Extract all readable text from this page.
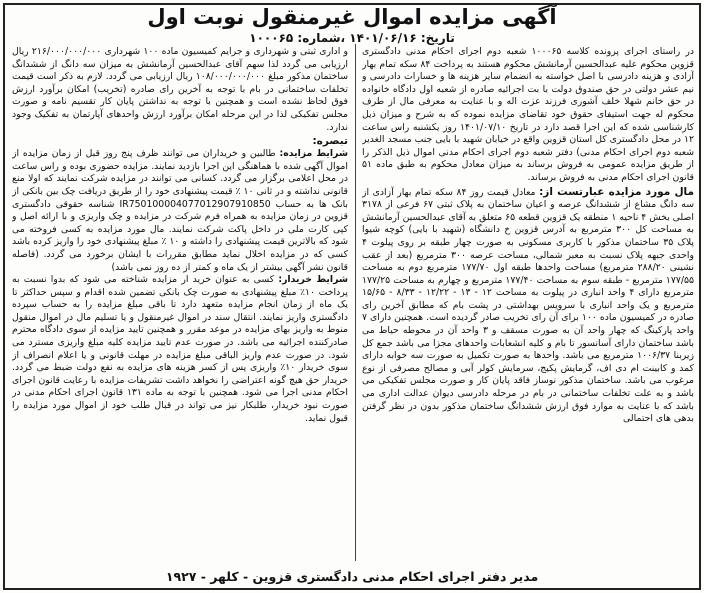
آگهی مزایده اموال غیرمنقول نوبت اول
تاریخ: ۱۴۰۱/۰۶/۱۶ ،شماره: ۱۰۰۰۶۵

در راستای اجرای پرونده کلاسه ۱۰۰۰۶۵ شعبه دوم اجرای احکام مدنی دادگستری قزوین محکوم علیه عبدالحسین آرمانشش محکوم هستند به پرداخت ۸۴ سکه تمام بهار آزادی و هزینه دادرسی با اصل خواسته به انضمام سایر هزینه ها و خسارات دادرسی و نیم عشر دولتی در حق صندوق دولت با بت اجرائیه صادره از شعبه اول دادگاه خانواده در حق خانم شهلا خلف آشوری فرزند عزت اله و با عنایت به معرفی مال از طرف محکوم له جهت استیفای حقوق خود تقاضای مزایده نموده که به شرح و میزان ذیل کارشناسی شده که این اجرا قصد دارد در تاریخ ۱۴۰۱/۰۷/۱۰ روز یکشنبه راس ساعت ۱۲ در محل دادگستری کل استان قزوین واقع در خیابان شهید با بایی جنب مسجد الغدیر شعبه دوم اجرای احکام مدنی) دفتر شعبه دوم اجرای احکام مدنی اموال ذیل الذکر را از طریق مزایده عمومی به فروش برساند به میزان معادل محکوم به طبق ماده ۵۱ قانون اجرای احکام مدنی به فروش برساند.

مال مورد مزایده عبارتست از: معادل قیمت روز ۸۴ سکه تمام بهار آزادی از سه دانگ مشاع از ششدانگ عرصه و اعیان ساختمان به پلاک ثبتی ۶۷ فرعی از ۳۱۷۸ اصلی بخش ۴ ناحیه ۱ منطقه یک قزوین قطعه ۶۵ متعلق به آقای عبدالحسین آرمانشش به مساحت کل ۳۰۰ مترمربع به آدرس قزوین خ دانشگاه (شهید با بایی) کوچه شیوا پلاک ۳۵ ساختمان مذکور با کاربری مسکونی به صورت چهار طبقه بر روی پیلوت ۴ واحدی جبهه پلاک نسبت به معبر شمالی، مساحت عرصه ۳۰۰ مترمربع (بعد از عقب نشینی ۲۸۸/۲۰ مترمربع) مساحت واحدها طبقه اول ۱۷۷/۷۰ مترمربع دوم به مساحت ۱۷۷/۵۵ مترمربع - طبقه سوم به مساحت ۱۷۷/۴۰ مترمربع و چهارم به مساحت ۱۷۷/۲۵ مترمربع دارای ۴ واحد انباری در پیلوت به مساحت ۱۲ - ۱۳ - ۱۲/۲۲ - ۸/۳۳ - ۱۵/۶۵ مترمربع و یک واحد انباری با سرویس بهداشتی در پشت بام که مطابق آخرین رای صادره در کمیسیون ماده ۱۰۰ برای آن رای تخریب صادر گردیده است. همچنین دارای ۷ واحد پارکینگ که چهار واحد آن به صورت مسقف و ۳ واحد آن در محوطه حیاط می باشد ساختمان دارای آسانسور تا بام و کلیه انشعابات واحدهای مجزا می باشد جمع کل زیربنا ۱۰۰۶/۳۷ مترمربع می باشد. واحدها به صورت تکمیل به صورت سه خوابه دارای کمد و کابینت ام دی اف، گرمایش پکیج، سرمایش کولر آبی و مصالح مصرفی از نوع مرغوب می باشد. ساختمان مذکور نوساز فاقد پایان کار و صورت مجلس تفکیکی می باشد و به علت تخلفات ساختمانی در بام در مرحله دادرسی دیوان عدالت اداری می باشد که با عنایت به موارد فوق ارزش ششدانگ ساختمان مذکور بدون در نظر گرفتن بدهی های احتمالی

و اداری ثبتی و شهرداری و جرایم کمیسیون ماده ۱۰۰ شهرداری ۲۱۶/۰۰۰/۰۰۰/۰۰۰ ریال ارزیابی می گردد لذا سهم آقای عبدالحسین آرمانشش به میزان سه دانگ از ششدانگ ساختمان مذکور مبلغ ۱۰۸/۰۰۰/۰۰۰/۰۰۰ ریال ارزیابی می گردد. لازم به ذکر است قیمت تخلفات ساختمانی در بام با توجه به آخرین رای صادره (تخریب) امکان برآورد ارزش فوق لحاظ نشده است و همچنین با توجه به نداشتن پایان کار تقسیم نامه و صورت مجلس تفکیکی لذا در این مرحله امکان برآورد ارزش واحدهای آپارتمان به تفکیک وجود ندارد.

تبصره:

شرایط مزایده: طالبین و خریداران می توانند ظرف پنج روز قبل از زمان مزایده از اموال آگهی شده با هماهنگی این اجرا بازدید نمایند. مزایده حضوری بوده و راس ساعت در محل اعلامی برگزار می گردد. کسانی می توانند در مزایده شرکت نمایند که اولا منع قانونی نداشته و در ثانی ۱۰ ٪ قیمت پیشنهادی خود را از طریق دریافت چک بین بانکی از بانک ها به حساب IR750100004077012907910850 شناسه حقوقی دادگستری قزوین در زمان مزایده به همراه فرم شرکت در مزایده و چک واریزی و با ارائه اصل و کپی کارت ملی در داخل پاکت شرکت نمایند. مال مورد مزایده به کسی فروخته می شود که بالاترین قیمت پیشنهادی را داشته و ۱۰ ٪ مبلغ پیشنهادی خود را واریز کرده باشد کسی که در مزایده اخلال نماید مطابق مقررات با ایشان برخورد می گردد. (فاصله قانون نشر آگهی بیشتر از یک ماه و کمتر از ده روز نمی باشد)

شرایط خریدار: کسی به عنوان خرید ار مزایده شناخته می شود که بدوا نسبت به پرداخت ۱۰٪ مبلغ پیشنهادی به صورت چک بانکی تضمین شده اقدام و سپس حداکثر تا یک ماه از زمان انجام مزایده متعهد دارد تا باقی مبلغ مزایده را به حساب سپرده دادگستری واریز نمایند. انتقال سند در اموال غیرمنقول و یا تسلیم مال در اموال منقول منوط به واریز بهای مزایده در موعد مقرر و همچنین تایید مزایده از سوی دادگاه محترم صادرکننده اجرائیه می باشد. در صورت عدم تایید مزایده کلیه مبلغ واریزی مسترد می شود. در صورت عدم واریز الباقی مبلغ مزایده در مهلت قانونی و یا اعلام انصراف از سوی خریدار ۱۰٪ واریزی پس از کسر هزینه های مزایده به نفع دولت ضبط می گردد. خریدار حق هیچ گونه اعتراضی را نخواهد داشت تشریفات مزایده با رعایت قانون اجرای احکام مدنی اجرا می شود. همچنین با توجه به ماده ۱۳۱ قانون اجرای احکام مدنی در صورت نبود خریدار، طلبکار نیز می تواند در قبال طلب خود از اموال مورد مزایده را قبول نماید.

مدیر دفتر اجرای احکام مدنی دادگستری قزوین - کلهر - ۱۹۲۷
